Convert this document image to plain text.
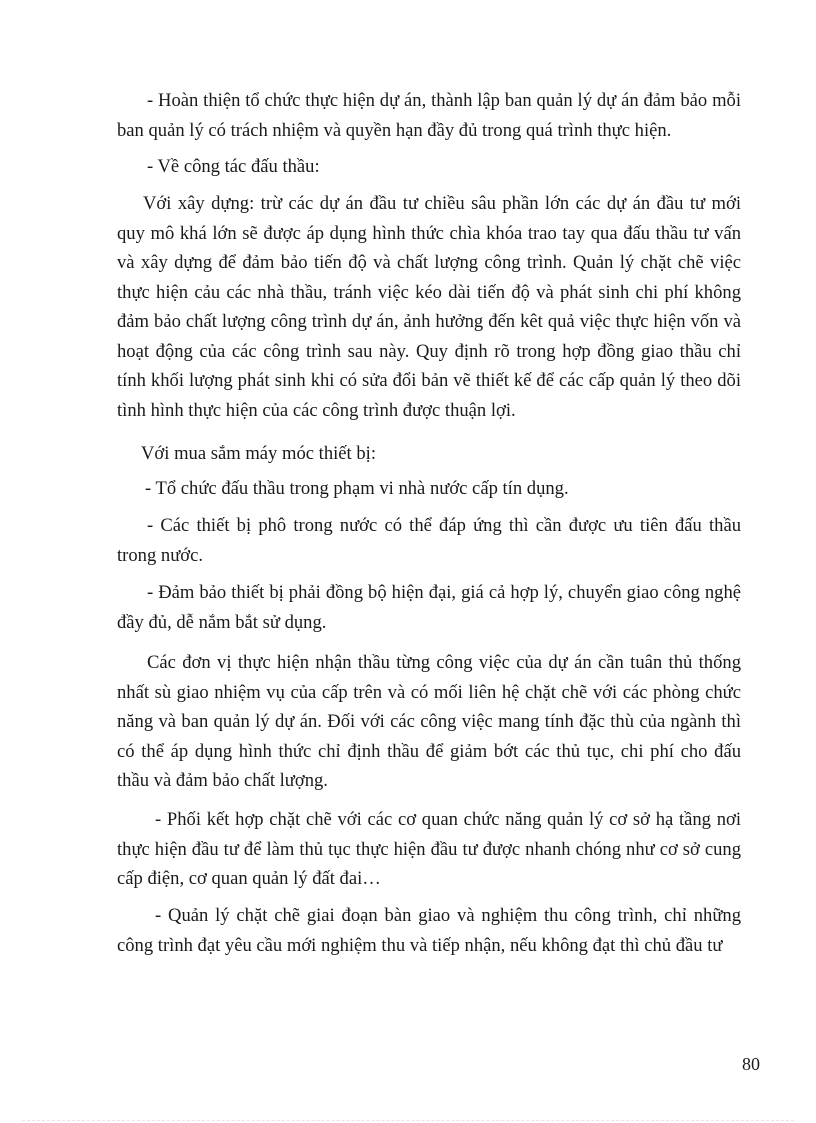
- Hoàn thiện tổ chức thực hiện dự án, thành lập ban quản lý dự án đảm bảo mỗi ban quản lý có trách nhiệm và quyền hạn đầy đủ trong quá trình thực hiện.

- Về công tác đấu thầu:

Với xây dựng: trừ các dự án đầu tư chiều sâu phần lớn các dự án đầu tư mới quy mô khá lớn sẽ được áp dụng hình thức chìa khóa trao tay qua đấu thầu tư vấn và xây dựng để đảm bảo tiến độ và chất lượng công trình. Quản lý chặt chẽ việc thực hiện cảu các nhà thầu, tránh việc kéo dài tiến độ và phát sinh chi phí không đảm bảo chất lượng công trình dự án, ảnh hưởng đến kêt quả việc thực hiện vốn và hoạt động của các công trình sau này. Quy định rõ trong hợp đồng giao thầu chỉ tính khối lượng phát sinh khi có sửa đổi bản vẽ thiết kế để các cấp quản lý theo dõi tình hình thực hiện của các công trình được thuận lợi.

Với mua sắm máy móc thiết bị:

- Tổ chức đấu thầu trong phạm vi nhà nước cấp tín dụng.

- Các thiết bị phô trong nước có thể đáp ứng thì cần được ưu tiên đấu thầu trong nước.

- Đảm bảo thiết bị phải đồng bộ hiện đại, giá cả hợp lý, chuyển giao công nghệ đầy đủ, dễ nắm bắt sử dụng.

Các đơn vị thực hiện nhận thầu từng công việc của dự án cần tuân thủ thống nhất sù giao nhiệm vụ của cấp trên và có mối liên hệ chặt chẽ với các phòng chức năng và ban quản lý dự án. Đối với các công việc mang tính đặc thù của ngành thì có thể áp dụng hình thức chỉ định thầu để giảm bớt các thủ tục, chi phí cho đấu thầu và đảm bảo chất lượng.

- Phối kết hợp chặt chẽ với các cơ quan chức năng quản lý cơ sở hạ tầng nơi thực hiện đầu tư để làm thủ tục thực hiện đầu tư được nhanh chóng như cơ sở cung cấp điện, cơ quan quản lý đất đai…

- Quản lý chặt chẽ giai đoạn bàn giao và nghiệm thu công trình, chỉ những công trình đạt yêu cầu mới nghiệm thu và tiếp nhận, nếu không đạt thì chủ đầu tư

80
